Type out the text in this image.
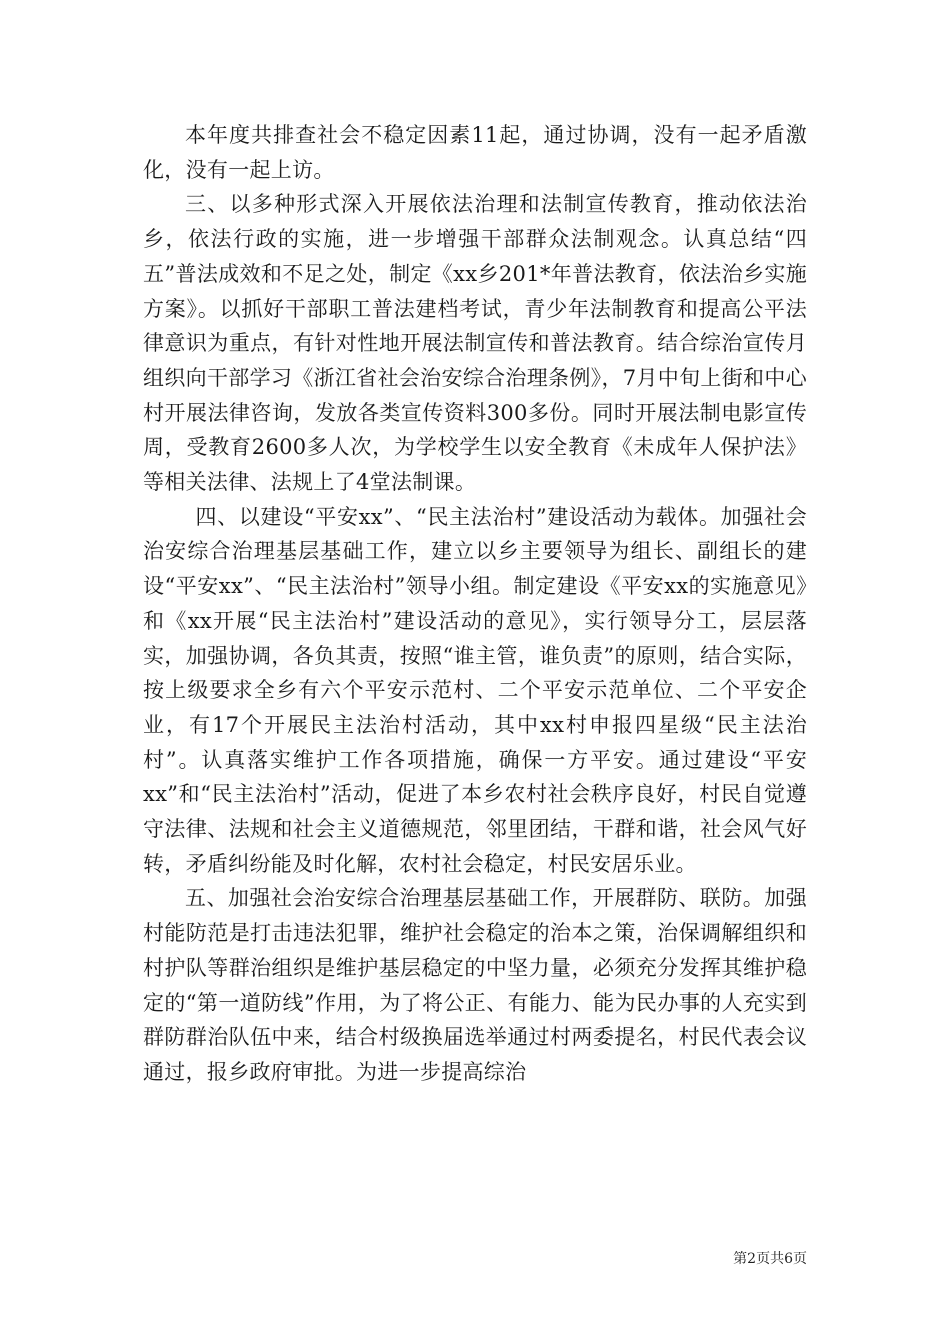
本年度共排查社会不稳定因素11起，通过协调，没有一起矛盾激化，没有一起上访。

三、以多种形式深入开展依法治理和法制宣传教育，推动依法治乡，依法行政的实施，进一步增强干部群众法制观念。认真总结“四五”普法成效和不足之处，制定《xx乡201*年普法教育，依法治乡实施方案》。以抓好干部职工普法建档考试，青少年法制教育和提高公平法律意识为重点，有针对性地开展法制宣传和普法教育。结合综治宣传月组织向干部学习《浙江省社会治安综合治理条例》，7月中旬上街和中心村开展法律咨询，发放各类宣传资料300多份。同时开展法制电影宣传周，受教育2600多人次，为学校学生以安全教育《未成年人保护法》等相关法律、法规上了4堂法制课。

四、以建设“平安xx”、“民主法治村”建设活动为载体。加强社会治安综合治理基层基础工作，建立以乡主要领导为组长、副组长的建设“平安xx”、“民主法治村”领导小组。制定建设《平安xx的实施意见》和《xx开展“民主法治村”建设活动的意见》，实行领导分工，层层落实，加强协调，各负其责，按照“谁主管，谁负责”的原则，结合实际，按上级要求全乡有六个平安示范村、二个平安示范单位、二个平安企业，有17个开展民主法治村活动，其中xx村申报四星级“民主法治村”。认真落实维护工作各项措施，确保一方平安。通过建设“平安xx”和“民主法治村”活动，促进了本乡农村社会秩序良好，村民自觉遵守法律、法规和社会主义道德规范，邻里团结，干群和谐，社会风气好转，矛盾纠纷能及时化解，农村社会稳定，村民安居乐业。

五、加强社会治安综合治理基层基础工作，开展群防、联防。加强村能防范是打击违法犯罪，维护社会稳定的治本之策，治保调解组织和村护队等群治组织是维护基层稳定的中坚力量，必须充分发挥其维护稳定的“第一道防线”作用，为了将公正、有能力、能为民办事的人充实到群防群治队伍中来，结合村级换届选举通过村两委提名，村民代表会议通过，报乡政府审批。为进一步提高综治

第2页共6页
